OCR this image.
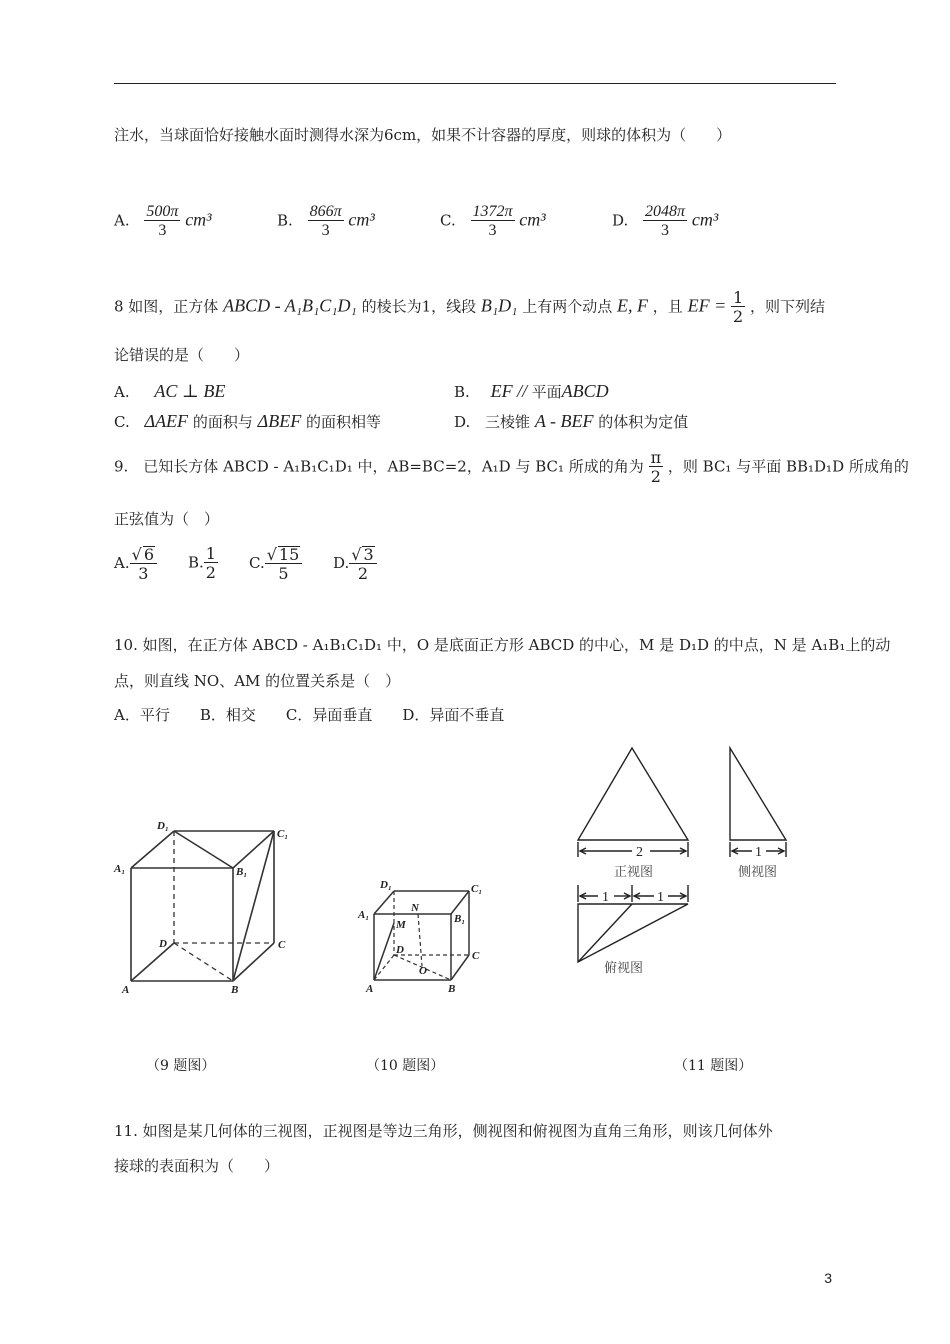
注水，当球面恰好接触水面时测得水深为6cm，如果不计容器的厚度，则球的体积为（　　）
A. $\frac{500\pi}{3} cm^3$	B. $\frac{866\pi}{3} cm^3$	C. $\frac{1372\pi}{3} cm^3$	D. $\frac{2048\pi}{3} cm^3$
8 如图，正方体 ABCD - A₁B₁C₁D₁ 的棱长为1，线段 B₁D₁ 上有两个动点 E, F ，且 EF = $\frac{1}{2}$ ，则下列结
论错误的是（　　）
A. AC ⊥ BE	B. EF // 平面ABCD
C. ΔAEF 的面积与 ΔBEF 的面积相等	D. 三棱锥 A - BEF 的体积为定值
9.　已知长方体 ABCD - A₁B₁C₁D₁ 中，AB=BC=2，A₁D 与 BC₁ 所成的角为 $\frac{\pi}{2}$ ，则 BC₁ 与平面 BB₁D₁D 所成角的
正弦值为（　）
A. $\frac{√ 6}{3} B$. $\frac{1}{2} C$. $\frac{√ 15}{5} D$. $\frac{√ 3}{2}$
10. 如图，在正方体 ABCD - A₁B₁C₁D₁ 中，O 是底面正方形 ABCD 的中心，M 是 D₁D 的中点，N 是 A₁B₁上的动
点，则直线 NO、AM 的位置关系是（　）
A．平行　　B．相交　　C．异面垂直　　D．异面不垂直
D₁
C₁
A₁	B₁
D	C
A	B
D₁	C₁
A₁
N
B₁
M
D	C
O
A	B
2	1
1	1
正视图	侧视图
俯视图
（9 题图）	（10 题图）	（11 题图）
11. 如图是某几何体的三视图，正视图是等边三角形，侧视图和俯视图为直角三角形，则该几何体外
接球的表面积为（　　）
3
